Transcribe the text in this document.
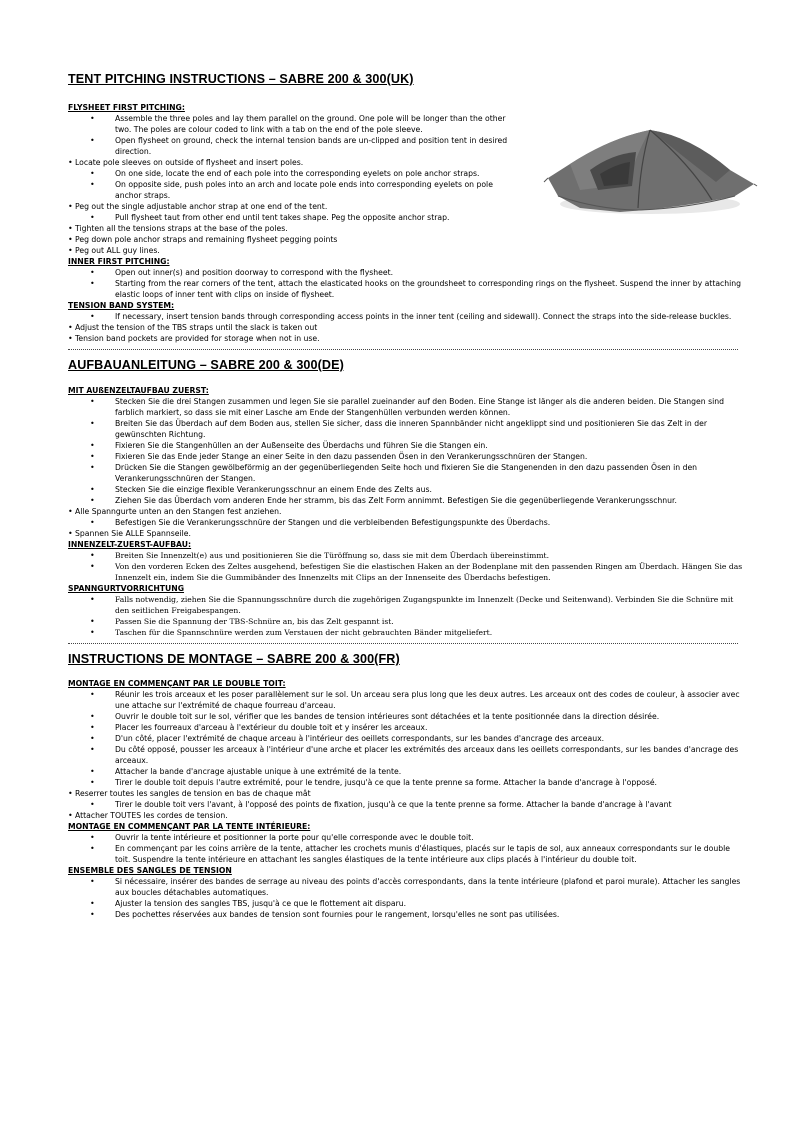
TENT PITCHING INSTRUCTIONS – SABRE 200 & 300(UK)
FLYSHEET FIRST PITCHING:
• Assemble the three poles and lay them parallel on the ground. One pole will be longer than the other two. The poles are colour coded to link with a tab on the end of the pole sleeve.
• Open flysheet on ground, check the internal tension bands are un-clipped and position tent in desired direction.
• Locate pole sleeves on outside of flysheet and insert poles.
• On one side, locate the end of each pole into the corresponding eyelets on pole anchor straps.
• On opposite side, push poles into an arch and locate pole ends into corresponding eyelets on pole anchor straps.
• Peg out the single adjustable anchor strap at one end of the tent.
• Pull flysheet taut from other end until tent takes shape. Peg the opposite anchor strap.
• Tighten all the tensions straps at the base of the poles.
• Peg down pole anchor straps and remaining flysheet pegging points
• Peg out ALL guy lines.
INNER FIRST PITCHING:
• Open out inner(s) and position doorway to correspond with the flysheet.
• Starting from the rear corners of the tent, attach the elasticated hooks on the groundsheet to corresponding rings on the flysheet. Suspend the inner by attaching elastic loops of inner tent with clips on inside of flysheet.
TENSION BAND SYSTEM:
• If necessary, insert tension bands through corresponding access points in the inner tent (ceiling and sidewall). Connect the straps into the side-release buckles.
• Adjust the tension of the TBS straps until the slack is taken out
• Tension band pockets are provided for storage when not in use.
AUFBAUANLEITUNG – SABRE 200 & 300(DE)
MIT AUßENZELTAUFBAU ZUERST:
• Stecken Sie die drei Stangen zusammen und legen Sie sie parallel zueinander auf den Boden. Eine Stange ist länger als die anderen beiden. Die Stangen sind farblich markiert, so dass sie mit einer Lasche am Ende der Stangenhüllen verbunden werden können.
• Breiten Sie das Überdach auf dem Boden aus, stellen Sie sicher, dass die inneren Spannbänder nicht angeklippt sind und positionieren Sie das Zelt in der gewünschten Richtung.
• Fixieren Sie die Stangenhüllen an der Außenseite des Überdachs und führen Sie die Stangen ein.
• Fixieren Sie das Ende jeder Stange an einer Seite in den dazu passenden Ösen in den Verankerungsschnüren der Stangen.
• Drücken Sie die Stangen gewölbeförmig an der gegenüberliegenden Seite hoch und fixieren Sie die Stangenenden in den dazu passenden Ösen in den Verankerungsschnüren der Stangen.
• Stecken Sie die einzige flexible Verankerungsschnur an einem Ende des Zelts aus.
• Ziehen Sie das Überdach vom anderen Ende her stramm, bis das Zelt Form annimmt. Befestigen Sie die gegenüberliegende Verankerungsschnur.
• Alle Spanngurte unten an den Stangen fest anziehen.
• Befestigen Sie die Verankerungsschnüre der Stangen und die verbleibenden Befestigungspunkte des Überdachs.
• Spannen Sie ALLE Spannseile.
INNENZELT-ZUERST-AUFBAU:
• Breiten Sie Innenzelt(e) aus und positionieren Sie die Türöffnung so, dass sie mit dem Überdach übereinstimmt.
• Von den vorderen Ecken des Zeltes ausgehend, befestigen Sie die elastischen Haken an der Bodenplane mit den passenden Ringen am Überdach. Hängen Sie das Innenzelt ein, indem Sie die Gummibänder des Innenzelts mit Clips an der Innenseite des Überdachs befestigen.
SPANNGURTVORRICHTUNG
• Falls notwendig, ziehen Sie die Spannungsschnüre durch die zugehörigen Zugangspunkte im Innenzelt (Decke und Seitenwand). Verbinden Sie die Schnüre mit den seitlichen Freigabespangen.
• Passen Sie die Spannung der TBS-Schnüre an, bis das Zelt gespannt ist.
• Taschen für die Spannschnüre werden zum Verstauen der nicht gebrauchten Bänder mitgeliefert.
INSTRUCTIONS DE MONTAGE – SABRE 200 & 300(FR)
MONTAGE EN COMMENÇANT PAR LE DOUBLE TOIT:
• Réunir les trois arceaux et les poser parallèlement sur le sol. Un arceau sera plus long que les deux autres. Les arceaux ont des codes de couleur, à associer avec une attache sur l'extrémité de chaque fourreau d'arceau.
• Ouvrir le double toit sur le sol, vérifier que les bandes de tension intérieures sont détachées et la tente positionnée dans la direction désirée.
• Placer les fourreaux d'arceau à l'extérieur du double toit et y insérer les arceaux.
• D'un côté, placer l'extrémité de chaque arceau à l'intérieur des oeillets correspondants, sur les bandes d'ancrage des arceaux.
• Du côté opposé, pousser les arceaux à l'intérieur d'une arche et placer les extrémités des arceaux dans les oeillets correspondants, sur les bandes d'ancrage des arceaux.
• Attacher la bande d'ancrage ajustable unique à une extrémité de la tente.
• Tirer le double toit depuis l'autre extrémité, pour le tendre, jusqu'à ce que la tente prenne sa forme. Attacher la bande d'ancrage à l'opposé.
• Reserrer toutes les sangles de tension en bas de chaque mât
• Tirer le double toit vers l'avant, à l'opposé des points de fixation, jusqu'à ce que la tente prenne sa forme. Attacher la bande d'ancrage à l'avant
• Attacher TOUTES les cordes de tension.
MONTAGE EN COMMENÇANT PAR LA TENTE INTÉRIEURE:
• Ouvrir la tente intérieure et positionner la porte pour qu'elle corresponde avec le double toit.
• En commençant par les coins arrière de la tente, attacher les crochets munis d'élastiques, placés sur le tapis de sol, aux anneaux correspondants sur le double toit. Suspendre la tente intérieure en attachant les sangles élastiques de la tente intérieure aux clips placés à l'intérieur du double toit.
ENSEMBLE DES SANGLES DE TENSION
• Si nécessaire, insérer des bandes de serrage au niveau des points d'accès correspondants, dans la tente intérieure (plafond et paroi murale). Attacher les sangles aux boucles détachables automatiques.
• Ajuster la tension des sangles TBS, jusqu'à ce que le flottement ait disparu.
• Des pochettes réservées aux bandes de tension sont fournies pour le rangement, lorsqu'elles ne sont pas utilisées.
